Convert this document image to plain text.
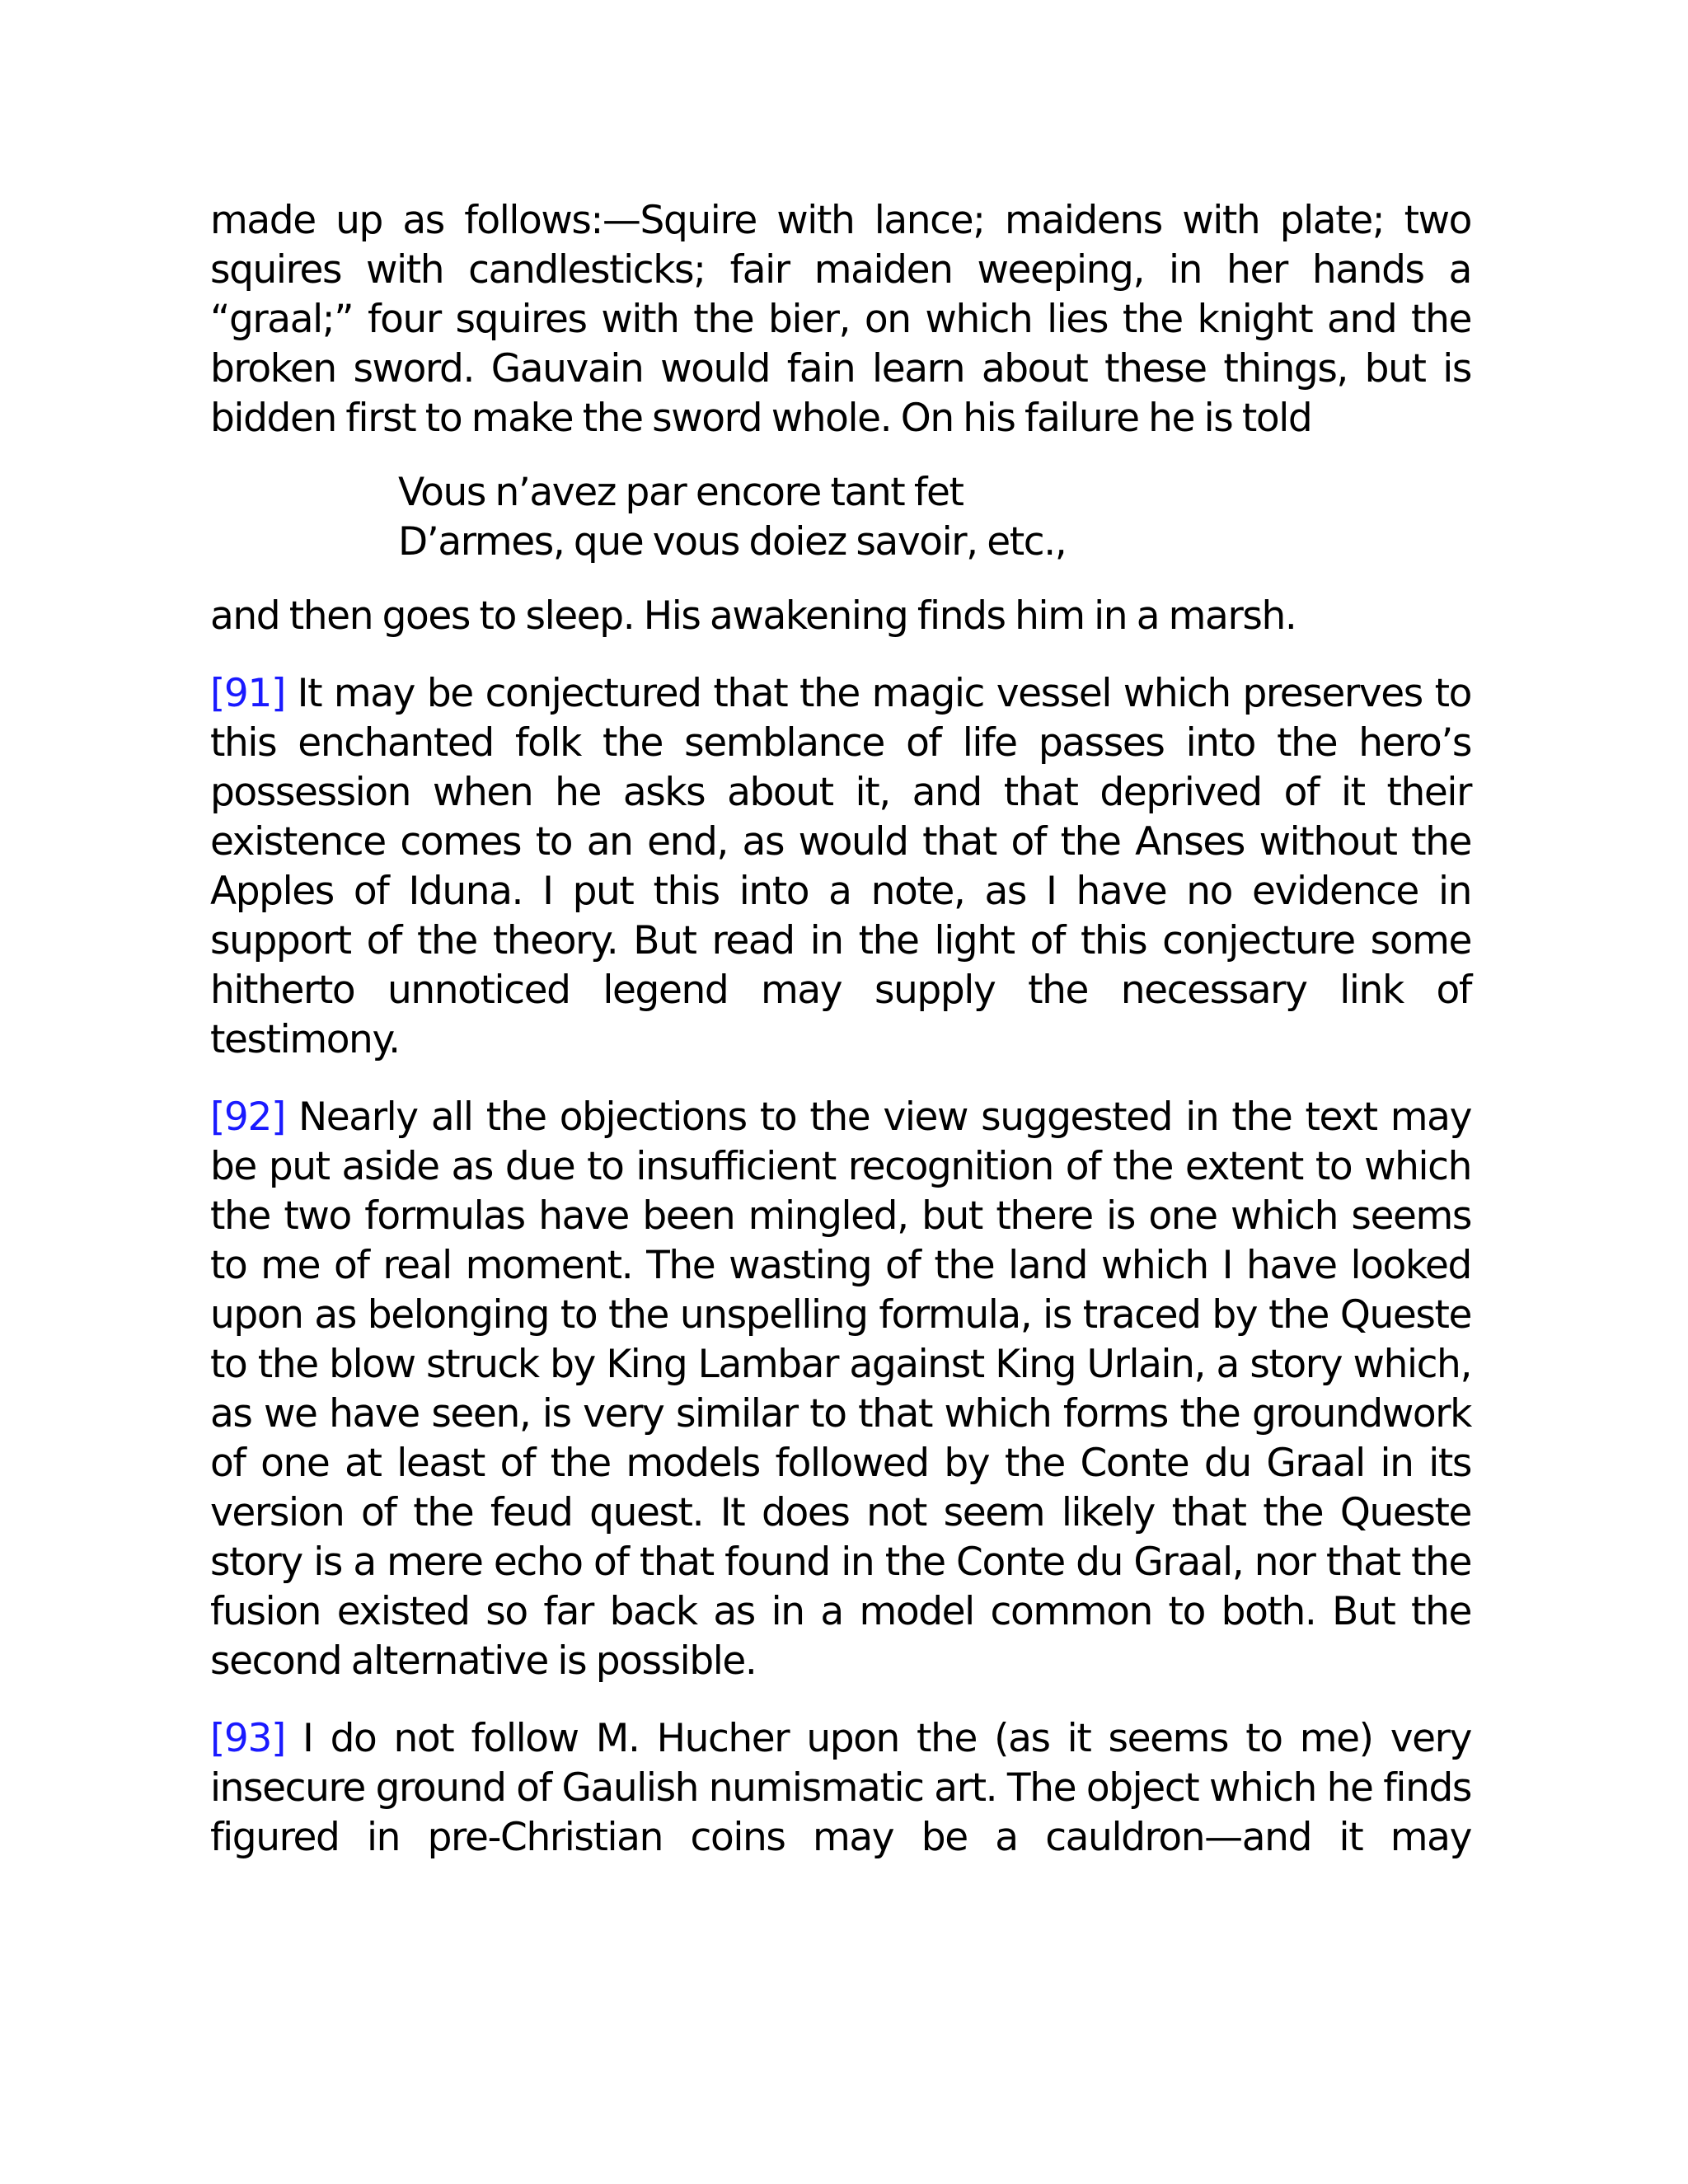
made up as follows:—Squire with lance; maidens with plate; two squires with candlesticks; fair maiden weeping, in her hands a “graal;” four squires with the bier, on which lies the knight and the broken sword. Gauvain would fain learn about these things, but is bidden first to make the sword whole. On his failure he is told

Vous n’avez par encore tant fet
D’armes, que vous doiez savoir, etc.,

and then goes to sleep. His awakening finds him in a marsh.

[91] It may be conjectured that the magic vessel which preserves to this enchanted folk the semblance of life passes into the hero’s possession when he asks about it, and that deprived of it their existence comes to an end, as would that of the Anses without the Apples of Iduna. I put this into a note, as I have no evidence in support of the theory. But read in the light of this conjecture some hitherto unnoticed legend may supply the necessary link of testimony.

[92] Nearly all the objections to the view suggested in the text may be put aside as due to insufficient recognition of the extent to which the two formulas have been mingled, but there is one which seems to me of real moment. The wasting of the land which I have looked upon as belonging to the unspelling formula, is traced by the Queste to the blow struck by King Lambar against King Urlain, a story which, as we have seen, is very similar to that which forms the groundwork of one at least of the models followed by the Conte du Graal in its version of the feud quest. It does not seem likely that the Queste story is a mere echo of that found in the Conte du Graal, nor that the fusion existed so far back as in a model common to both. But the second alternative is possible.

[93] I do not follow M. Hucher upon the (as it seems to me) very insecure ground of Gaulish numismatic art. The object which he finds figured in pre-Christian coins may be a cauldron—and it may
